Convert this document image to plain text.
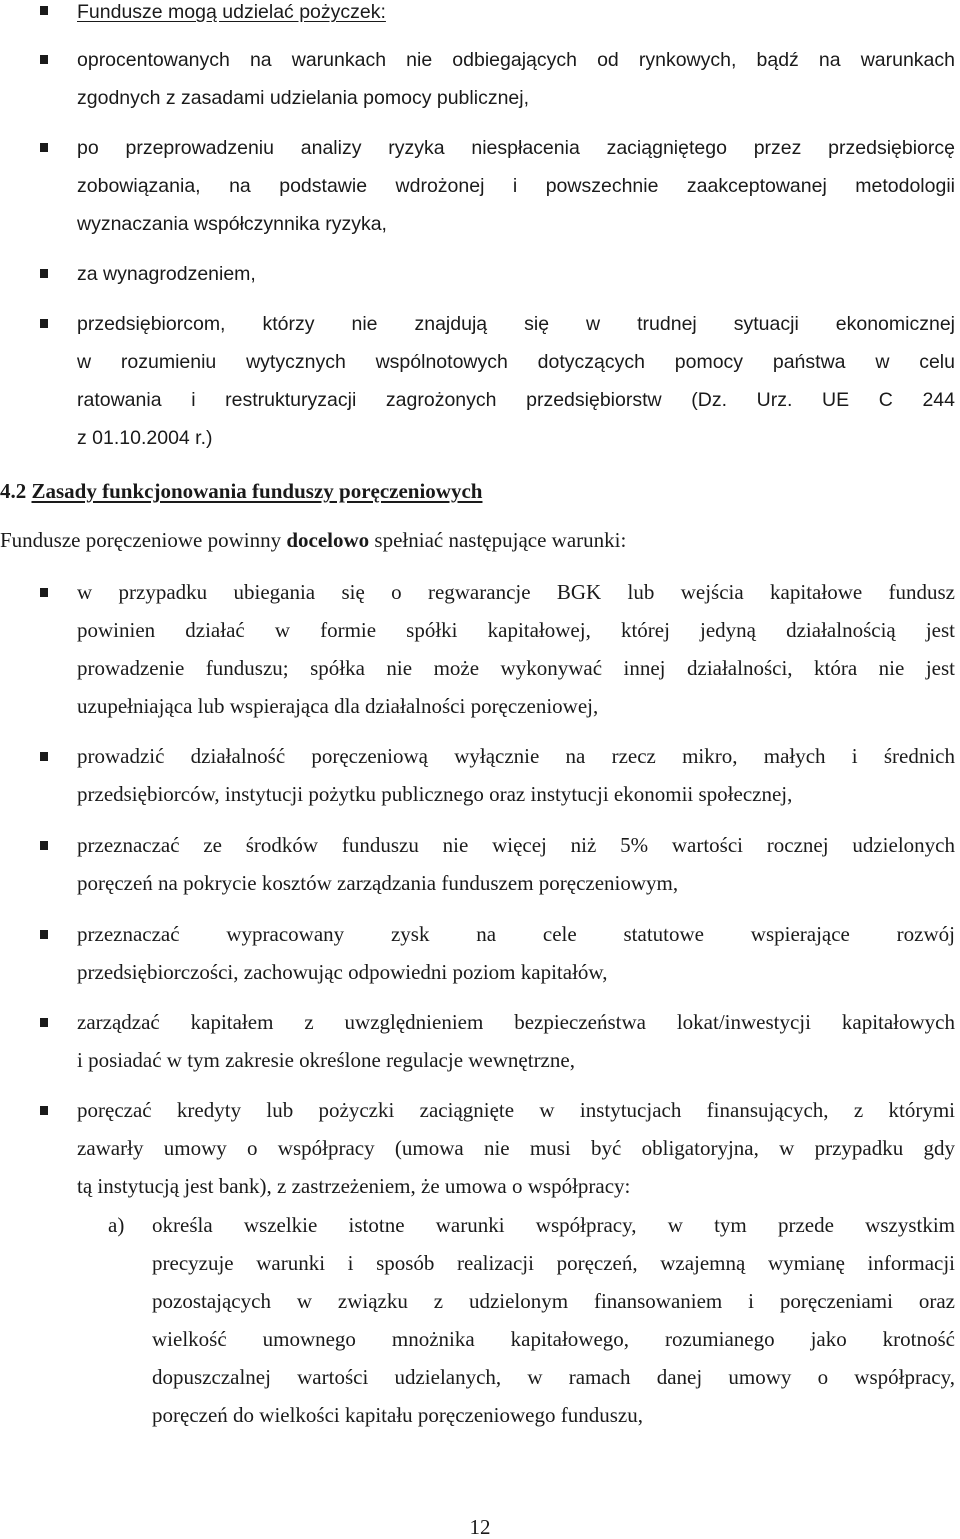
Fundusze mogą udzielać pożyczek:
oprocentowanych na warunkach nie odbiegających od rynkowych, bądź na warunkach
zgodnych z zasadami udzielania pomocy publicznej,
po przeprowadzeniu analizy ryzyka niespłacenia zaciągniętego przez przedsiębiorcę
zobowiązania, na podstawie wdrożonej i powszechnie zaakceptowanej metodologii
wyznaczania współczynnika ryzyka,
za wynagrodzeniem,
przedsiębiorcom, którzy nie znajdują się w trudnej sytuacji ekonomicznej
w rozumieniu wytycznych wspólnotowych dotyczących pomocy państwa w celu
ratowania i restrukturyzacji zagrożonych przedsiębiorstw (Dz. Urz. UE C 244
z 01.10.2004 r.)
4.2 Zasady funkcjonowania funduszy poręczeniowych
Fundusze poręczeniowe powinny docelowo spełniać następujące warunki:
w przypadku ubiegania się o regwarancje BGK lub wejścia kapitałowe fundusz
powinien działać w formie spółki kapitałowej, której jedyną działalnością jest
prowadzenie funduszu; spółka nie może wykonywać innej działalności, która nie jest
uzupełniająca lub wspierająca dla działalności poręczeniowej,
prowadzić działalność poręczeniową wyłącznie na rzecz mikro, małych i średnich
przedsiębiorców, instytucji pożytku publicznego oraz instytucji ekonomii społecznej,
przeznaczać ze środków funduszu nie więcej niż 5% wartości rocznej udzielonych
poręczeń na pokrycie kosztów zarządzania funduszem poręczeniowym,
przeznaczać wypracowany zysk na cele statutowe wspierające rozwój
przedsiębiorczości, zachowując odpowiedni poziom kapitałów,
zarządzać kapitałem z uwzględnieniem bezpieczeństwa lokat/inwestycji kapitałowych
i posiadać w tym zakresie określone regulacje wewnętrzne,
poręczać kredyty lub pożyczki zaciągnięte w instytucjach finansujących, z którymi
zawarły umowy o współpracy (umowa nie musi być obligatoryjna, w przypadku gdy
tą instytucją jest bank), z zastrzeżeniem, że umowa o współpracy:
a) określa wszelkie istotne warunki współpracy, w tym przede wszystkim
precyzuje warunki i sposób realizacji poręczeń, wzajemną wymianę informacji
pozostających w związku z udzielonym finansowaniem i poręczeniami oraz
wielkość umownego mnożnika kapitałowego, rozumianego jako krotność
dopuszczalnej wartości udzielanych, w ramach danej umowy o współpracy,
poręczeń do wielkości kapitału poręczeniowego funduszu,
12
